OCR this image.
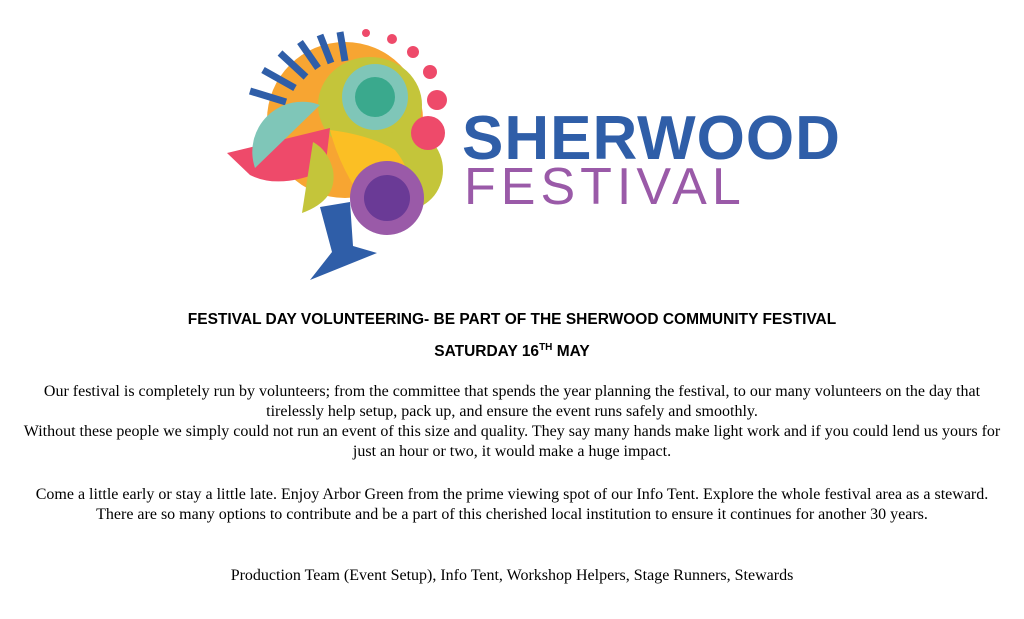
SHERWOOD
FESTIVAL
FESTIVAL DAY VOLUNTEERING- BE PART OF THE SHERWOOD COMMUNITY FESTIVAL
SATURDAY 16TH MAY
Our festival is completely run by volunteers; from the committee that spends the year planning the festival, to our many volunteers on the day that tirelessly help setup, pack up, and ensure the event runs safely and smoothly.
Without these people we simply could not run an event of this size and quality. They say many hands make light work and if you could lend us yours for just an hour or two, it would make a huge impact.
Come a little early or stay a little late. Enjoy Arbor Green from the prime viewing spot of our Info Tent. Explore the whole festival area as a steward. There are so many options to contribute and be a part of this cherished local institution to ensure it continues for another 30 years.
Production Team (Event Setup), Info Tent, Workshop Helpers, Stage Runners, Stewards
